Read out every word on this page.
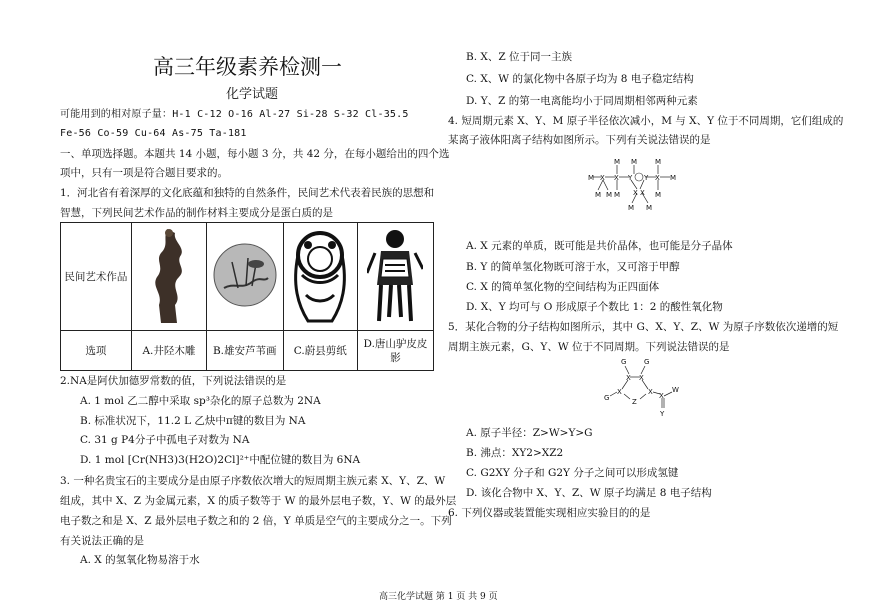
高三年级素养检测一
化学试题
可能用到的相对原子量：H-1 C-12 O-16 Al-27 Si-28 S-32 Cl-35.5
Fe-56 Co-59 Cu-64 As-75 Ta-181
一、单项选择题。本题共 14 小题，每小题 3 分，共 42 分，在每小题给出的四个选
项中，只有一项是符合题目要求的。
1．河北省有着深厚的文化底蕴和独特的自然条件，民间艺术代表着民族的思想和
智慧，下列民间艺术作品的制作材料主要成分是蛋白质的是
民间艺术作品				
选项	A.井陉木雕	B.雄安芦苇画	C.蔚县剪纸	D.唐山驴皮皮
影
2.NA是阿伏加德罗常数的值，下列说法错误的是
A. 1 mol 乙二醇中采取 sp³杂化的原子总数为 2NA
B. 标准状况下，11.2 L 乙炔中π键的数目为 NA
C. 31 g P4分子中孤电子对数为 NA
D. 1 mol [Cr(NH3)3(H2O)2Cl]²⁺中配位键的数目为 6NA
3. 一种名贵宝石的主要成分是由原子序数依次增大的短周期主族元素 X、Y、Z、W
组成，其中 X、Z 为金属元素，X 的质子数等于 W 的最外层电子数，Y、W 的最外层
电子数之和是 X、Z 最外层电子数之和的 2 倍，Y 单质是空气的主要成分之一。下列
有关说法正确的是
A. X 的氢氧化物易溶于水
B. X、Z 位于同一主族
C. X、W 的氯化物中各原子均为 8 电子稳定结构
D. Y、Z 的第一电离能均小于同周期相邻两种元素
4. 短周期元素 X、Y、M 原子半径依次减小，M 与 X、Y 位于不同周期，它们组成的
某离子液体阳离子结构如图所示。下列有关说法错误的是
M X X Y Y X M
M M	M
M M M	M
X X
M M
A. X 元素的单质，既可能是共价晶体，也可能是分子晶体
B. Y 的简单氢化物既可溶于水，又可溶于甲醇
C. X 的简单氢化物的空间结构为正四面体
D. X、Y 均可与 O 形成原子个数比 1：2 的酸性氧化物
5．某化合物的分子结构如图所示，其中 G、X、Y、Z、W 为原子序数依次递增的短
周期主族元素，G、Y、W 位于不同周期。下列说法错误的是
G	G
X X
X	X
G	Z
X
W
Y
A. 原子半径：Z>W>Y>G
B. 沸点：XY2>XZ2
C. G2XY 分子和 G2Y 分子之间可以形成氢键
D. 该化合物中 X、Y、Z、W 原子均满足 8 电子结构
6. 下列仪器或装置能实现相应实验目的的是
高三化学试题 第 1 页 共 9 页
